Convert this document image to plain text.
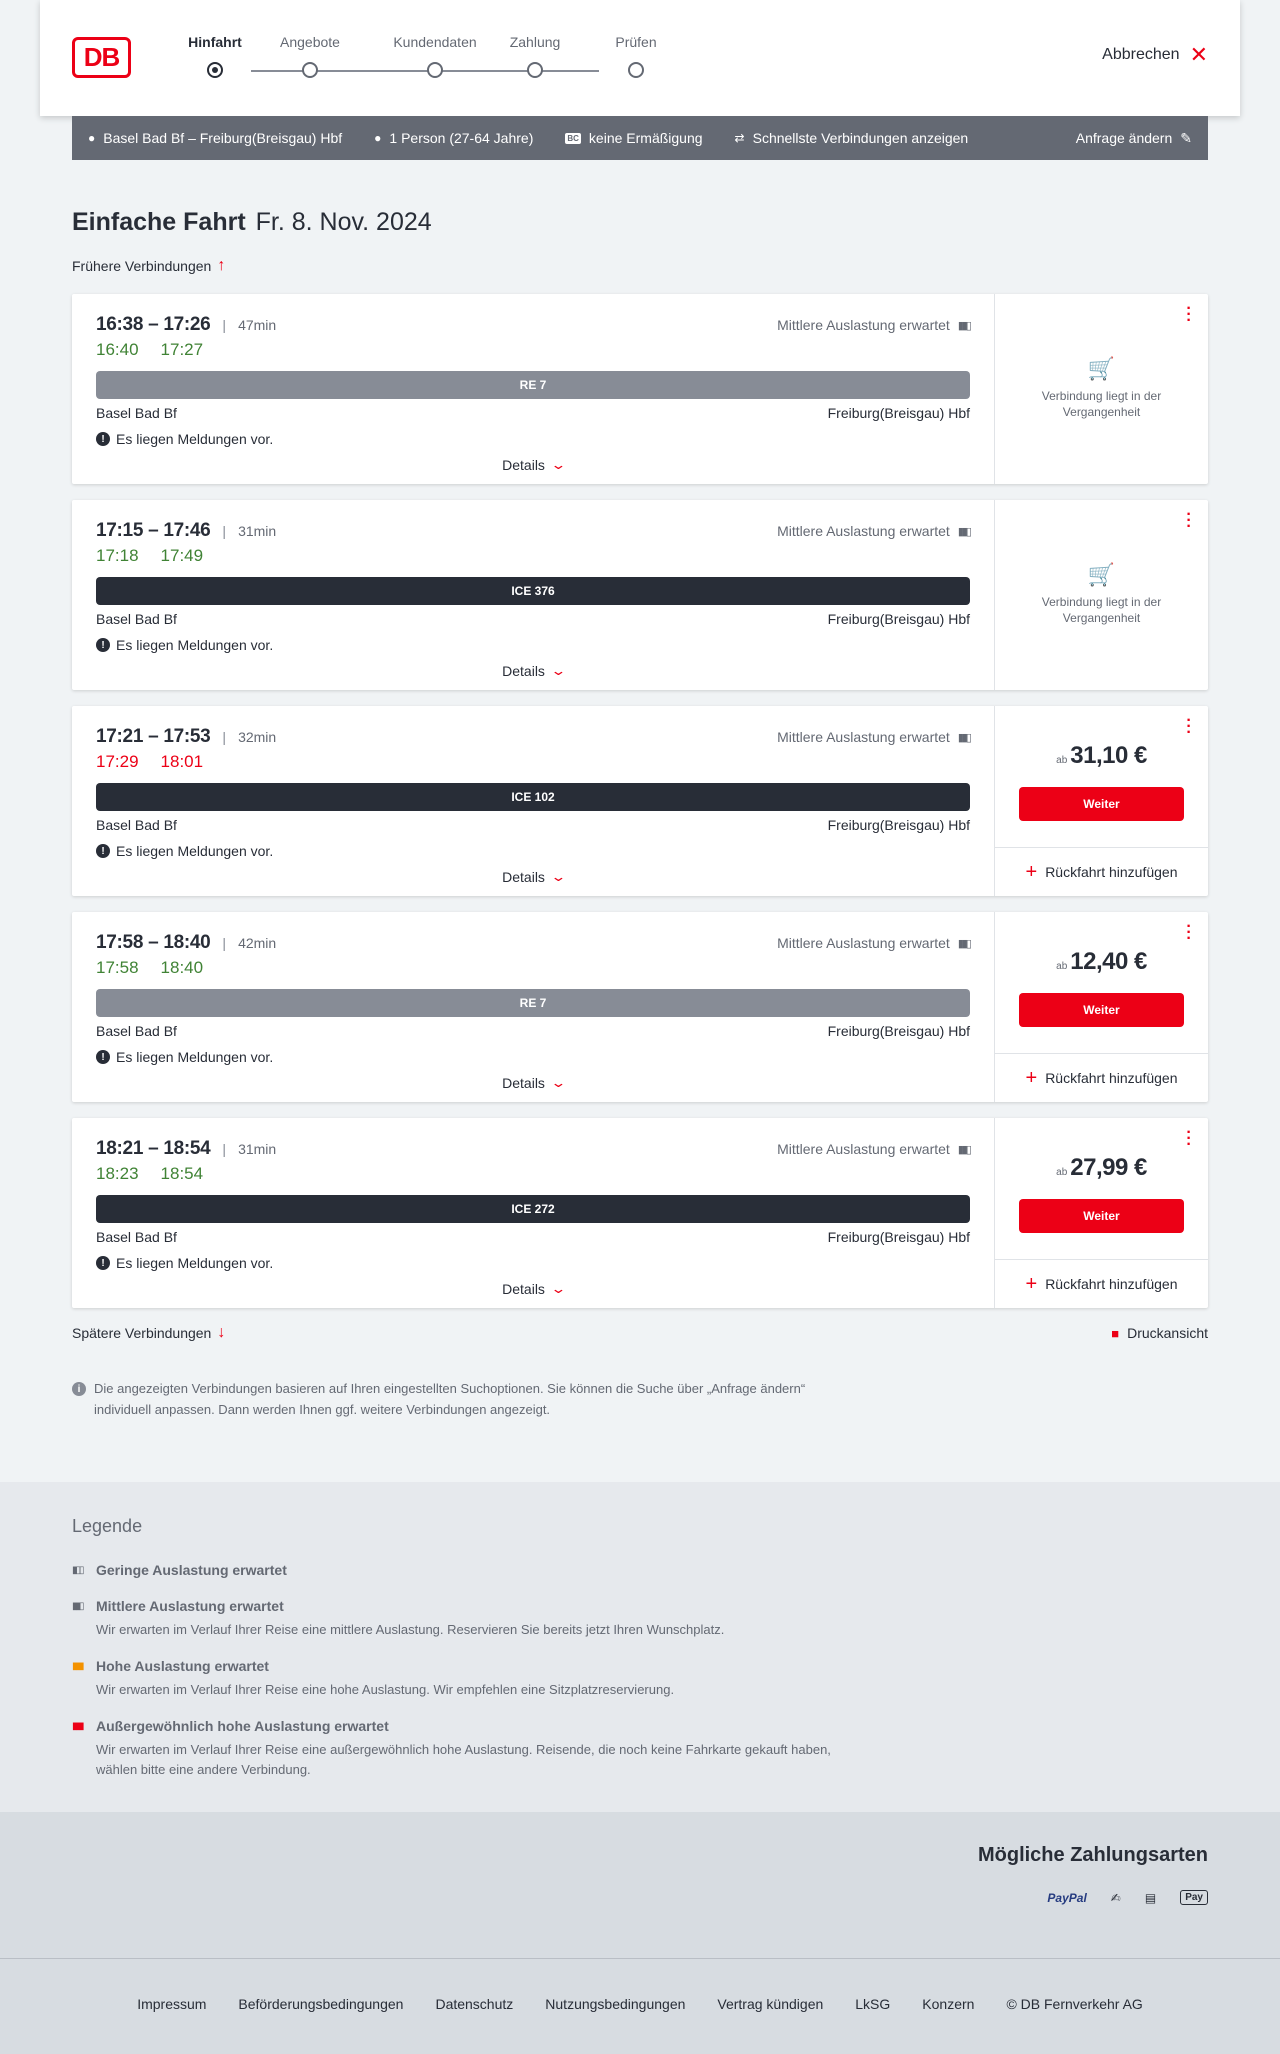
DB	Hinfahrt	Angebote	Kundendaten	Zahlung	Prüfen
Abbrechen ✕
● Basel Bad Bf – Freiburg(Breisgau) Hbf	● 1 Person (27-64 Jahre)	BC keine Ermäßigung	⇄ Schnellste Verbindungen anzeigen	Anfrage ändern ✎
Einfache Fahrt Fr. 8. Nov. 2024
Frühere Verbindungen ↑
16:38 – 17:26 | 47min	Mittlere Auslastung erwartet ▮▮▯
16:40 17:27
RE 7
Basel Bad Bf	Freiburg(Breisgau) Hbf
! Es liegen Meldungen vor.
Details ⌄
·
·
·
🛒
Verbindung liegt in der Vergangenheit
17:15 – 17:46 | 31min	Mittlere Auslastung erwartet ▮▮▯
17:18 17:49
ICE 376
Basel Bad Bf	Freiburg(Breisgau) Hbf
! Es liegen Meldungen vor.
Details ⌄
·
·
·
🛒
Verbindung liegt in der Vergangenheit
17:21 – 17:53 | 32min	Mittlere Auslastung erwartet ▮▮▯
17:29 18:01
ICE 102
Basel Bad Bf	Freiburg(Breisgau) Hbf
! Es liegen Meldungen vor.
Details ⌄
·
·
·
ab 31,10 €
Weiter
+ Rückfahrt hinzufügen
17:58 – 18:40 | 42min	Mittlere Auslastung erwartet ▮▮▯
17:58 18:40
RE 7
Basel Bad Bf	Freiburg(Breisgau) Hbf
! Es liegen Meldungen vor.
Details ⌄
·
·
·
ab 12,40 €
Weiter
+ Rückfahrt hinzufügen
18:21 – 18:54 | 31min	Mittlere Auslastung erwartet ▮▮▯
18:23 18:54
ICE 272
Basel Bad Bf	Freiburg(Breisgau) Hbf
! Es liegen Meldungen vor.
Details ⌄
·
·
·
ab 27,99 €
Weiter
+ Rückfahrt hinzufügen
Spätere Verbindungen ↓	■ Druckansicht
i	Die angezeigten Verbindungen basieren auf Ihren eingestellten Suchoptionen. Sie können die Suche über „Anfrage ändern“ individuell anpassen. Dann werden Ihnen ggf. weitere Verbindungen angezeigt.
Legende
▮▯▯ Geringe Auslastung erwartet
▮▮▯ Mittlere Auslastung erwartet
Wir erwarten im Verlauf Ihrer Reise eine mittlere Auslastung. Reservieren Sie bereits jetzt Ihren Wunschplatz.
▮▮▮ Hohe Auslastung erwartet
Wir erwarten im Verlauf Ihrer Reise eine hohe Auslastung. Wir empfehlen eine Sitzplatzreservierung.
▮▮▮ Außergewöhnlich hohe Auslastung erwartet
Wir erwarten im Verlauf Ihrer Reise eine außergewöhnlich hohe Auslastung. Reisende, die noch keine Fahrkarte gekauft haben, wählen bitte eine andere Verbindung.
Mögliche Zahlungsarten
PayPal ✍ ▤	Pay
Impressum Beförderungsbedingungen Datenschutz Nutzungsbedingungen Vertrag kündigen LkSG Konzern © DB Fernverkehr AG
